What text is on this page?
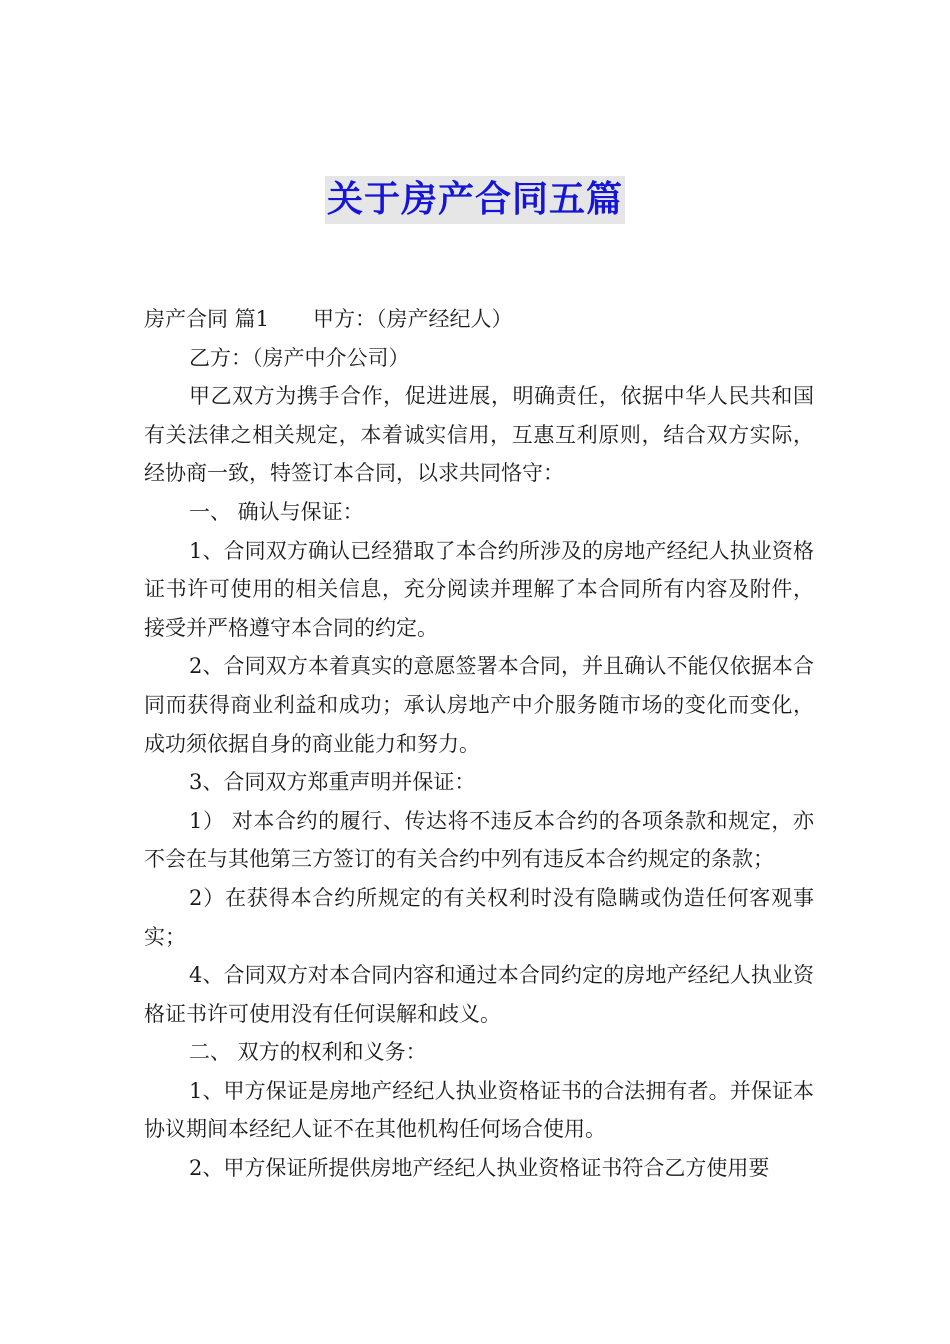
关于房产合同五篇

房产合同 篇1 甲方：（房产经纪人）

乙方：（房产中介公司）

甲乙双方为携手合作，促进进展，明确责任，依据中华人民共和国有关法律之相关规定，本着诚实信用，互惠互利原则，结合双方实际，经协商一致，特签订本合同，以求共同恪守：

一、 确认与保证：

1、合同双方确认已经猎取了本合约所涉及的房地产经纪人执业资格证书许可使用的相关信息，充分阅读并理解了本合同所有内容及附件，接受并严格遵守本合同的约定。

2、合同双方本着真实的意愿签署本合同，并且确认不能仅依据本合同而获得商业利益和成功；承认房地产中介服务随市场的变化而变化，成功须依据自身的商业能力和努力。

3、合同双方郑重声明并保证：

1） 对本合约的履行、传达将不违反本合约的各项条款和规定，亦不会在与其他第三方签订的有关合约中列有违反本合约规定的条款；

2）在获得本合约所规定的有关权利时没有隐瞒或伪造任何客观事实；

4、合同双方对本合同内容和通过本合同约定的房地产经纪人执业资格证书许可使用没有任何误解和歧义。

二、 双方的权利和义务：

1、甲方保证是房地产经纪人执业资格证书的合法拥有者。并保证本协议期间本经纪人证不在其他机构任何场合使用。

2、甲方保证所提供房地产经纪人执业资格证书符合乙方使用要
